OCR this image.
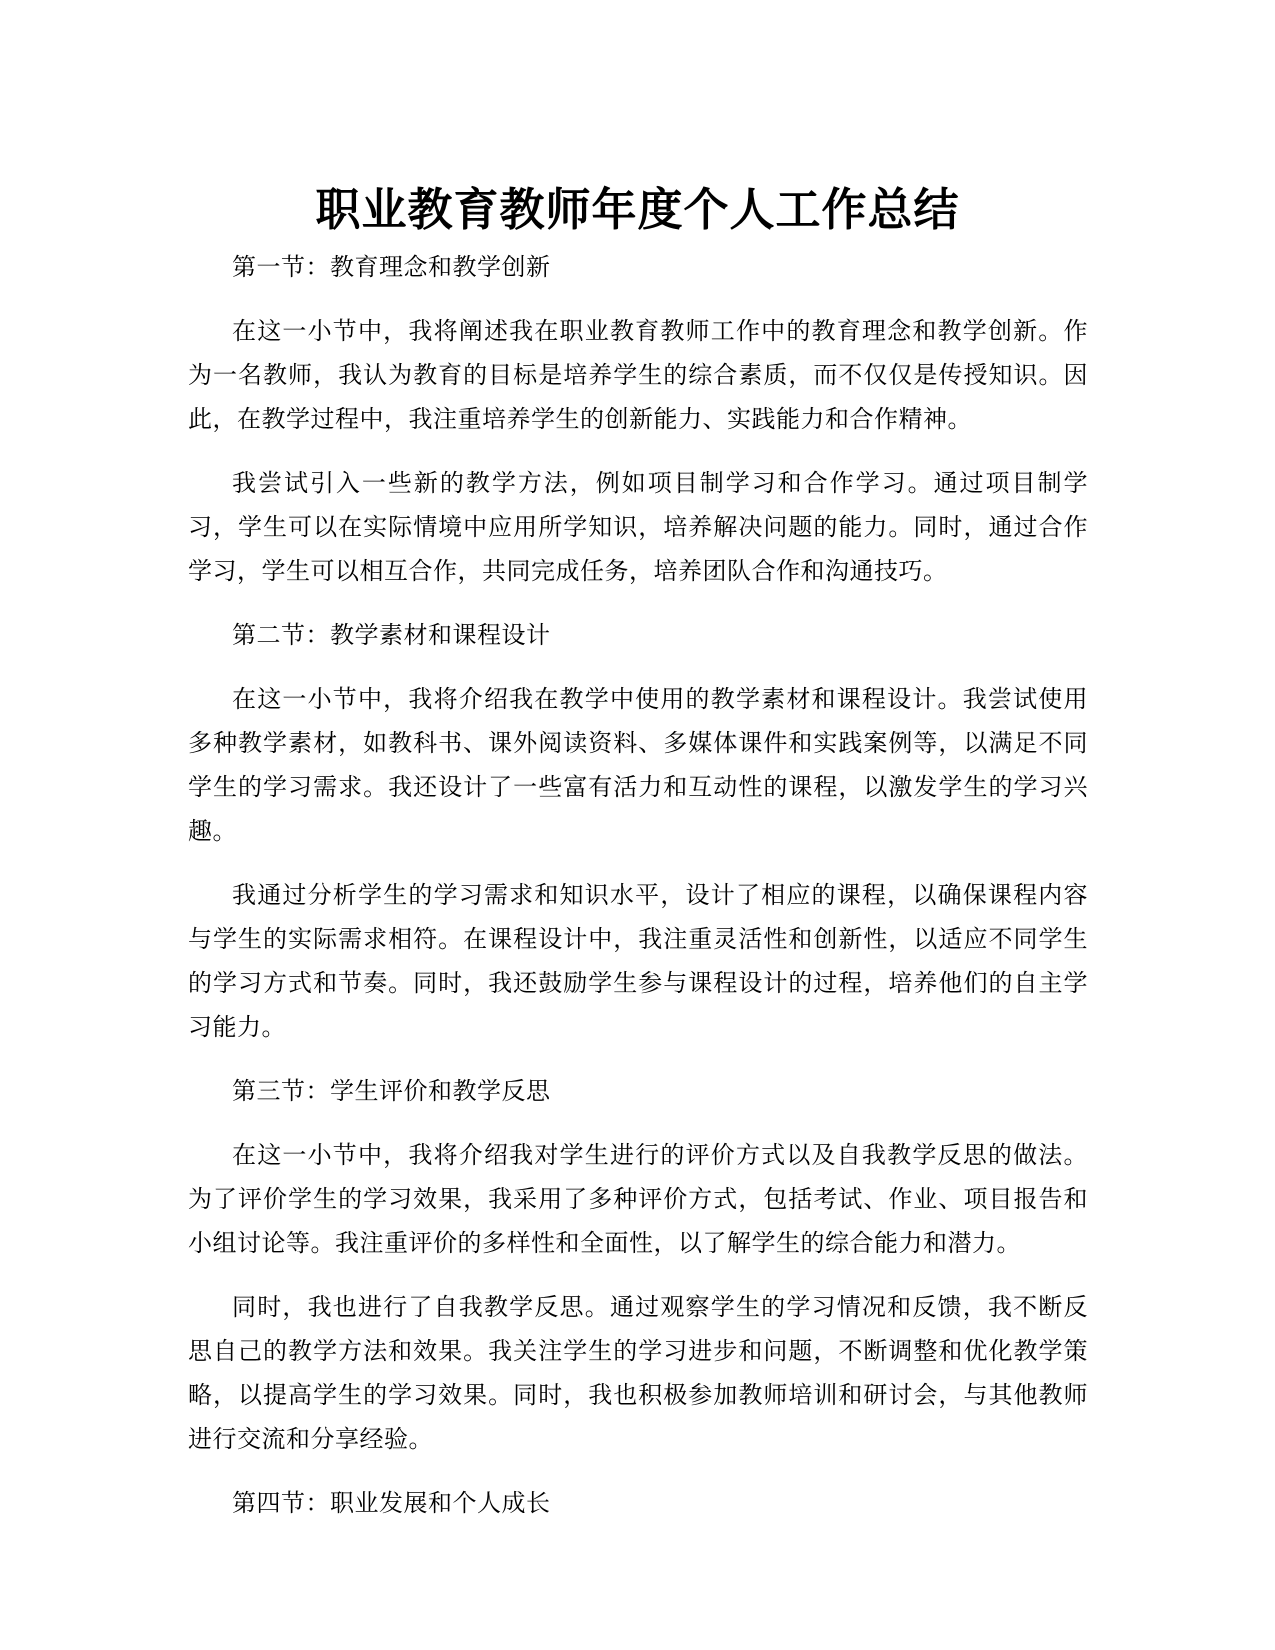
职业教育教师年度个人工作总结

第一节：教育理念和教学创新

在这一小节中，我将阐述我在职业教育教师工作中的教育理念和教学创新。作为一名教师，我认为教育的目标是培养学生的综合素质，而不仅仅是传授知识。因此，在教学过程中，我注重培养学生的创新能力、实践能力和合作精神。

我尝试引入一些新的教学方法，例如项目制学习和合作学习。通过项目制学习，学生可以在实际情境中应用所学知识，培养解决问题的能力。同时，通过合作学习，学生可以相互合作，共同完成任务，培养团队合作和沟通技巧。

第二节：教学素材和课程设计

在这一小节中，我将介绍我在教学中使用的教学素材和课程设计。我尝试使用多种教学素材，如教科书、课外阅读资料、多媒体课件和实践案例等，以满足不同学生的学习需求。我还设计了一些富有活力和互动性的课程，以激发学生的学习兴趣。

我通过分析学生的学习需求和知识水平，设计了相应的课程，以确保课程内容与学生的实际需求相符。在课程设计中，我注重灵活性和创新性，以适应不同学生的学习方式和节奏。同时，我还鼓励学生参与课程设计的过程，培养他们的自主学习能力。

第三节：学生评价和教学反思

在这一小节中，我将介绍我对学生进行的评价方式以及自我教学反思的做法。为了评价学生的学习效果，我采用了多种评价方式，包括考试、作业、项目报告和小组讨论等。我注重评价的多样性和全面性，以了解学生的综合能力和潜力。

同时，我也进行了自我教学反思。通过观察学生的学习情况和反馈，我不断反思自己的教学方法和效果。我关注学生的学习进步和问题，不断调整和优化教学策略，以提高学生的学习效果。同时，我也积极参加教师培训和研讨会，与其他教师进行交流和分享经验。

第四节：职业发展和个人成长
